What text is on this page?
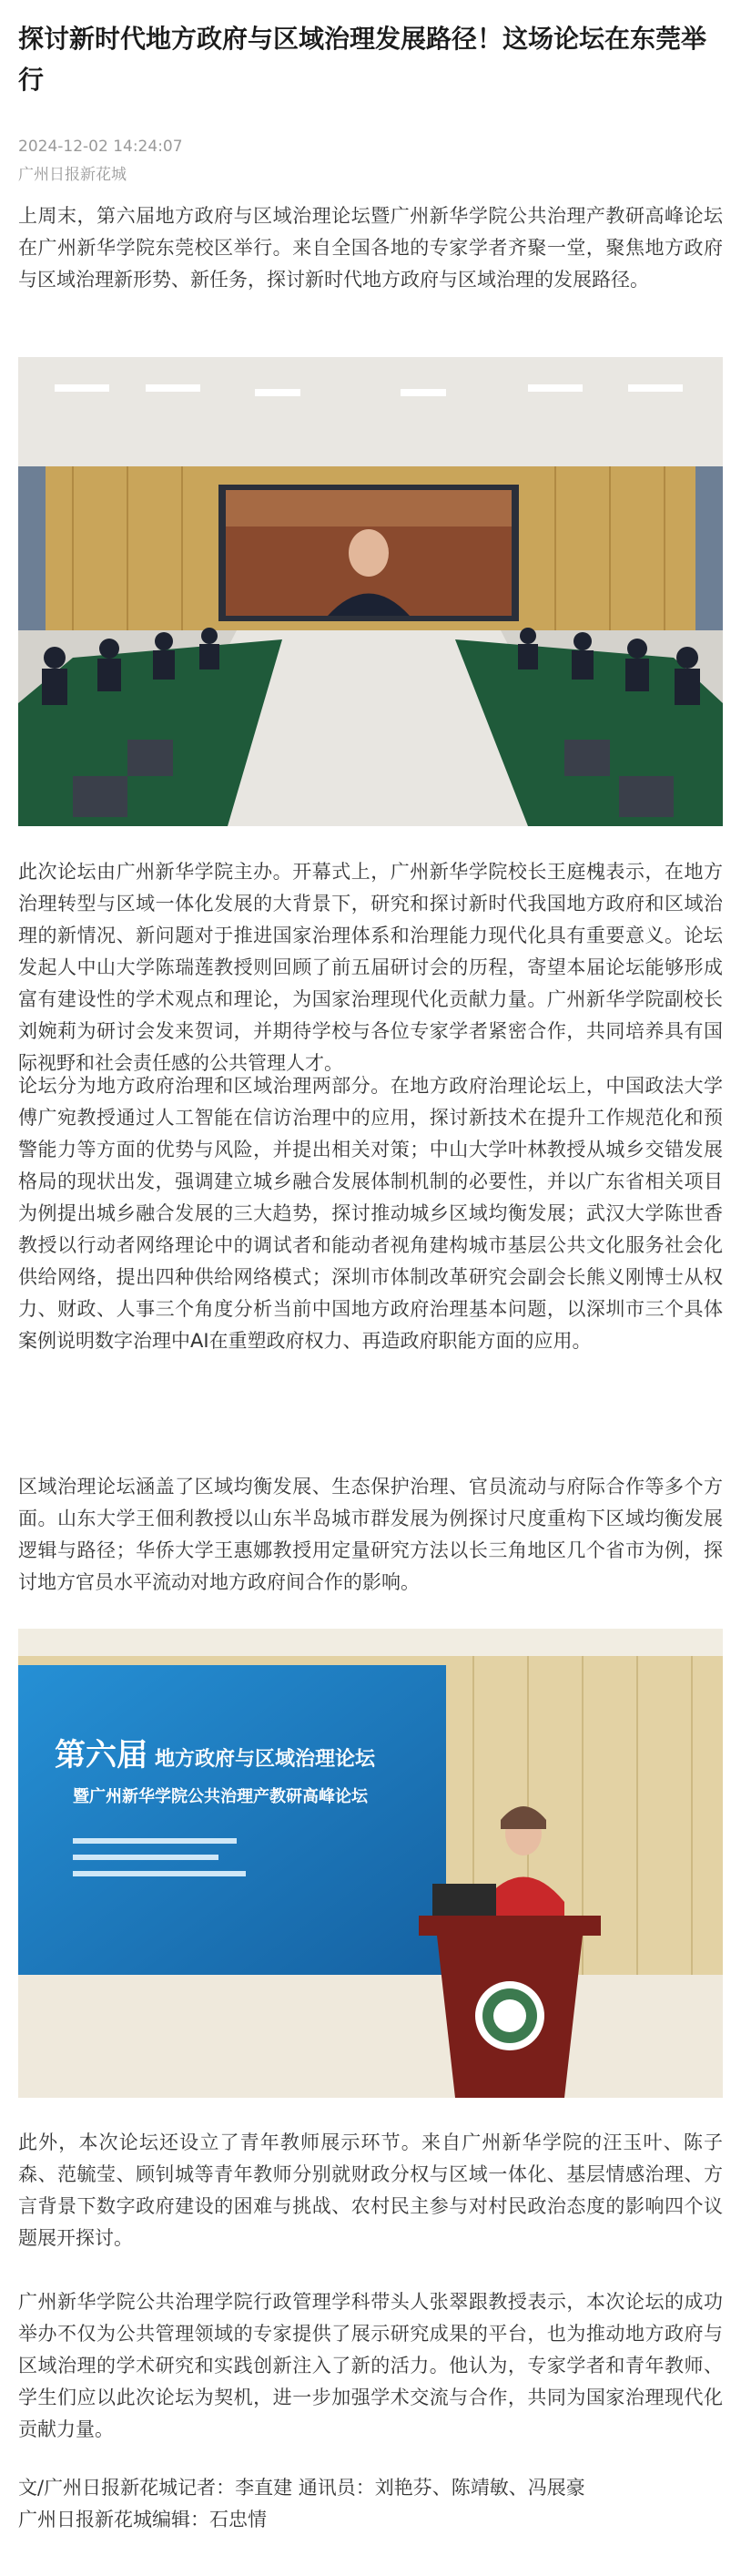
探讨新时代地方政府与区域治理发展路径！这场论坛在东莞举行
2024-12-02 14:24:07
广州日报新花城

上周末，第六届地方政府与区域治理论坛暨广州新华学院公共治理产教研高峰论坛在广州新华学院东莞校区举行。来自全国各地的专家学者齐聚一堂，聚焦地方政府与区域治理新形势、新任务，探讨新时代地方政府与区域治理的发展路径。

此次论坛由广州新华学院主办。开幕式上，广州新华学院校长王庭槐表示，在地方治理转型与区域一体化发展的大背景下，研究和探讨新时代我国地方政府和区域治理的新情况、新问题对于推进国家治理体系和治理能力现代化具有重要意义。论坛发起人中山大学陈瑞莲教授则回顾了前五届研讨会的历程，寄望本届论坛能够形成富有建设性的学术观点和理论，为国家治理现代化贡献力量。广州新华学院副校长刘婉莉为研讨会发来贺词，并期待学校与各位专家学者紧密合作，共同培养具有国际视野和社会责任感的公共管理人才。

论坛分为地方政府治理和区域治理两部分。在地方政府治理论坛上，中国政法大学傅广宛教授通过人工智能在信访治理中的应用，探讨新技术在提升工作规范化和预警能力等方面的优势与风险，并提出相关对策；中山大学叶林教授从城乡交错发展格局的现状出发，强调建立城乡融合发展体制机制的必要性，并以广东省相关项目为例提出城乡融合发展的三大趋势，探讨推动城乡区域均衡发展；武汉大学陈世香教授以行动者网络理论中的调试者和能动者视角建构城市基层公共文化服务社会化供给网络，提出四种供给网络模式；深圳市体制改革研究会副会长熊义刚博士从权力、财政、人事三个角度分析当前中国地方政府治理基本问题，以深圳市三个具体案例说明数字治理中AI在重塑政府权力、再造政府职能方面的应用。

区域治理论坛涵盖了区域均衡发展、生态保护治理、官员流动与府际合作等多个方面。山东大学王佃利教授以山东半岛城市群发展为例探讨尺度重构下区域均衡发展逻辑与路径；华侨大学王惠娜教授用定量研究方法以长三角地区几个省市为例，探讨地方官员水平流动对地方政府间合作的影响。

第六届 地方政府与区域治理论坛
暨广州新华学院公共治理产教研高峰论坛

此外，本次论坛还设立了青年教师展示环节。来自广州新华学院的汪玉叶、陈子森、范毓莹、顾钊城等青年教师分别就财政分权与区域一体化、基层情感治理、方言背景下数字政府建设的困难与挑战、农村民主参与对村民政治态度的影响四个议题展开探讨。

广州新华学院公共治理学院行政管理学科带头人张翠跟教授表示，本次论坛的成功举办不仅为公共管理领域的专家提供了展示研究成果的平台，也为推动地方政府与区域治理的学术研究和实践创新注入了新的活力。他认为，专家学者和青年教师、学生们应以此次论坛为契机，进一步加强学术交流与合作，共同为国家治理现代化贡献力量。

文/广州日报新花城记者：李直建 通讯员：刘艳芬、陈靖敏、冯展豪
广州日报新花城编辑：石忠情
